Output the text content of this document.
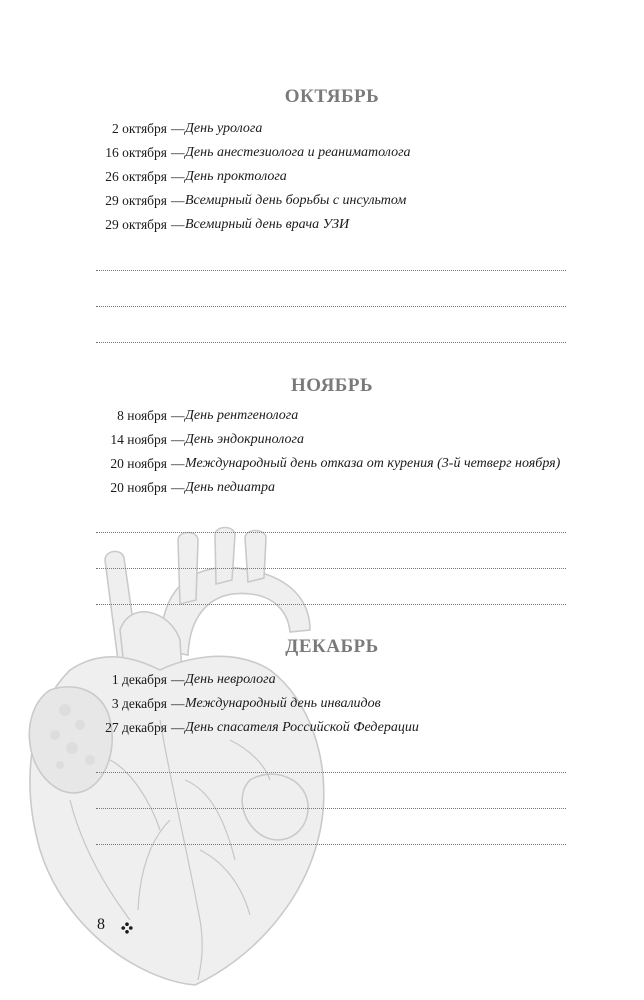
ОКТЯБРЬ
2 октября — День уролога
16 октября — День анестезиолога и реаниматолога
26 октября — День проктолога
29 октября — Всемирный день борьбы с инсультом
29 октября — Всемирный день врача УЗИ
НОЯБРЬ
8 ноября — День рентгенолога
14 ноября — День эндокринолога
20 ноября — Международный день отказа от курения (3-й четверг ноября)
20 ноября — День педиатра
ДЕКАБРЬ
1 декабря — День невролога
3 декабря — Международный день инвалидов
27 декабря — День спасателя Российской Федерации
8
